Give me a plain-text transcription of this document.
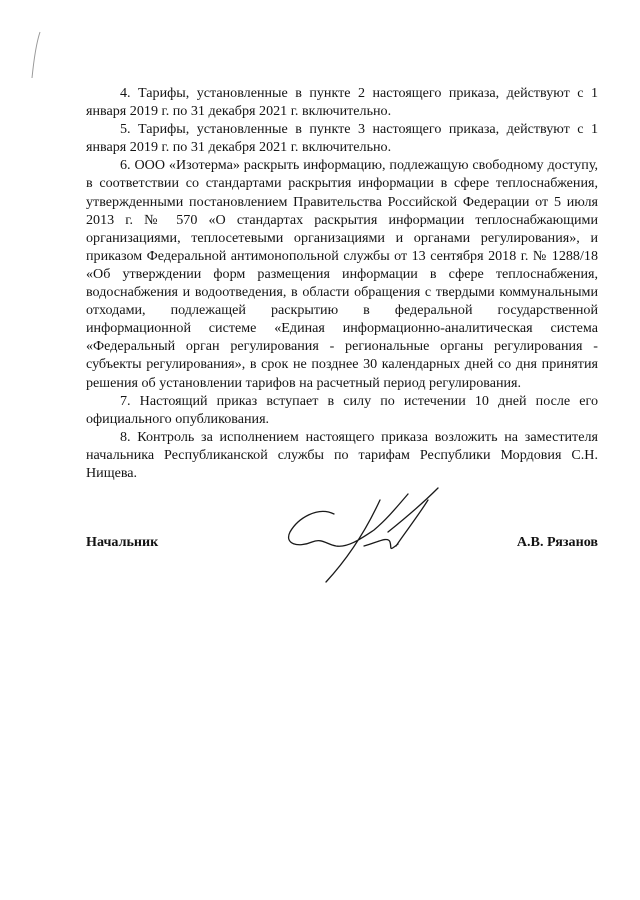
4. Тарифы, установленные в пункте 2 настоящего приказа, действуют с 1 января 2019 г. по 31 декабря 2021 г. включительно.

5. Тарифы, установленные в пункте 3 настоящего приказа, действуют с 1 января 2019 г. по 31 декабря 2021 г. включительно.

6. ООО «Изотерма» раскрыть информацию, подлежащую свободному доступу, в соответствии со стандартами раскрытия информации в сфере теплоснабжения, утвержденными постановлением Правительства Российской Федерации от 5 июля 2013 г. № 570 «О стандартах раскрытия информации теплоснабжающими организациями, теплосетевыми организациями и органами регулирования», и приказом Федеральной антимонопольной службы от 13 сентября 2018 г. № 1288/18 «Об утверждении форм размещения информации в сфере теплоснабжения, водоснабжения и водоотведения, в области обращения с твердыми коммунальными отходами, подлежащей раскрытию в федеральной государственной информационной системе «Единая информационно-аналитическая система «Федеральный орган регулирования - региональные органы регулирования - субъекты регулирования», в срок не позднее 30 календарных дней со дня принятия решения об установлении тарифов на расчетный период регулирования.

7. Настоящий приказ вступает в силу по истечении 10 дней после его официального опубликования.

8. Контроль за исполнением настоящего приказа возложить на заместителя начальника Республиканской службы по тарифам Республики Мордовия С.Н. Нищева.

Начальник	А.В. Рязанов
